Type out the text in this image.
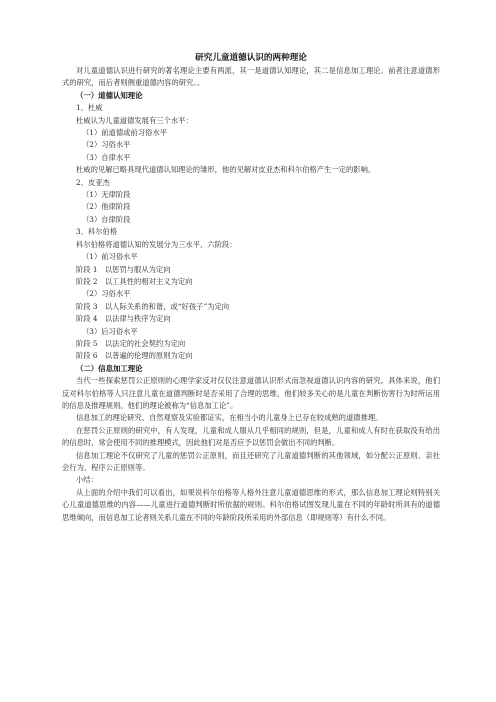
研究儿童道德认识的两种理论
对儿童道德认识进行研究的著名理论主要有两派，其一是道德认知理论，其二是信息加工理论。前者注意道德形式的研究，而后者则侧重道德内容的研究。。
（一）道德认知理论
1、杜威
杜威认为儿童道德发展有三个水平：
（1）前道德或前习俗水平
（2）习俗水平
（3）自律水平
杜威的见解已略具现代道德认知理论的雏形，他的见解对皮亚杰和科尔伯格产生一定的影响。
2、皮亚杰
（1）无律阶段
（2）他律阶段
（3）自律阶段
3、科尔伯格
科尔伯格将道德认知的发展分为三水平、六阶段：
（1）前习俗水平
阶段 1　以惩罚与服从为定向
阶段 2　以工具性的相对主义为定向
（2）习俗水平
阶段 3　以人际关系的和谐，或“好孩子”为定向
阶段 4　以法律与秩序为定向
（3）后习俗水平
阶段 5　以法定的社会契约为定向
阶段 6　以普遍的伦理的原则为定向
（二）信息加工理论
当代一些探索惩罚公正原则的心理学家反对仅仅注意道德认识形式而忽视道德认识内容的研究。具体来说，他们反对科尔伯格等人只注意儿童在道德判断时是否采用了合理的思维，他们较多关心的是儿童在判断伤害行为时所运用的信息及推理规则。他们的理论被称为“信息加工论”。
信息加工的理论研究、自然观察及实验都证实，在相当小的儿童身上已存在较成熟的道德推理。
在惩罚公正原则的研究中，有人发现，儿童和成人服从几乎相同的规则，但是，儿童和成人有时在获取没有给出的信息时，常会使用不同的推理模式，因此他们对是否应予以惩罚会做出不同的判断。
信息加工理论不仅研究了儿童的惩罚公正原则，而且还研究了儿童道德判断的其他领域，如分配公正原则、亲社会行为、程序公正原则等。
小结：
从上面的介绍中我们可以看出，如果说科尔伯格等人格外注意儿童道德思维的形式，那么信息加工理论则特别关心儿童道德思维的内容——儿童进行道德判断时所依据的规则。科尔伯格试图发现儿童在不同的年龄时所具有的道德思维倾向，而信息加工论者则关系儿童在不同的年龄阶段所采用的外部信息（即规则等）有什么不同。
